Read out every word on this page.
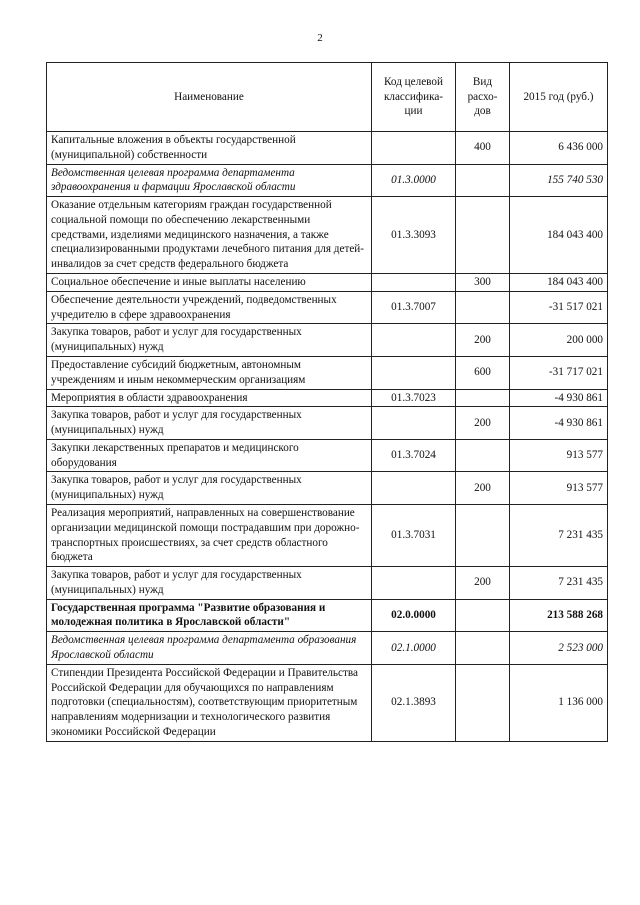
2
Наименование	Код целевой классифика-ции	Вид расхо-дов	2015 год (руб.)
Капитальные вложения в объекты государственной (муниципальной) собственности		400	6 436 000
Ведомственная целевая программа департамента здравоохранения и фармации Ярославской области	01.3.0000		155 740 530
Оказание отдельным категориям граждан государственной социальной помощи по обеспечению лекарственными средствами, изделиями медицинского назначения, а также специализированными продуктами лечебного питания для детей-инвалидов за счет средств федерального бюджета	01.3.3093		184 043 400
Социальное обеспечение и иные выплаты населению		300	184 043 400
Обеспечение деятельности учреждений, подведомственных учредителю в сфере здравоохранения	01.3.7007		-31 517 021
Закупка товаров, работ и услуг для государственных (муниципальных) нужд		200	200 000
Предоставление субсидий бюджетным, автономным учреждениям и иным некоммерческим организациям		600	-31 717 021
Мероприятия в области здравоохранения	01.3.7023		-4 930 861
Закупка товаров, работ и услуг для государственных (муниципальных) нужд		200	-4 930 861
Закупки лекарственных препаратов и медицинского оборудования	01.3.7024		913 577
Закупка товаров, работ и услуг для государственных (муниципальных) нужд		200	913 577
Реализация мероприятий, направленных на совершенствование организации медицинской помощи пострадавшим при дорожно-транспортных происшествиях, за счет средств областного бюджета	01.3.7031		7 231 435
Закупка товаров, работ и услуг для государственных (муниципальных) нужд		200	7 231 435
Государственная программа "Развитие образования и молодежная политика в Ярославской области"	02.0.0000		213 588 268
Ведомственная целевая программа департамента образования Ярославской области	02.1.0000		2 523 000
Стипендии Президента Российской Федерации и Правительства Российской Федерации для обучающихся по направлениям подготовки (специальностям), соответствующим приоритетным направлениям модернизации и технологического развития экономики Российской Федерации	02.1.3893		1 136 000
